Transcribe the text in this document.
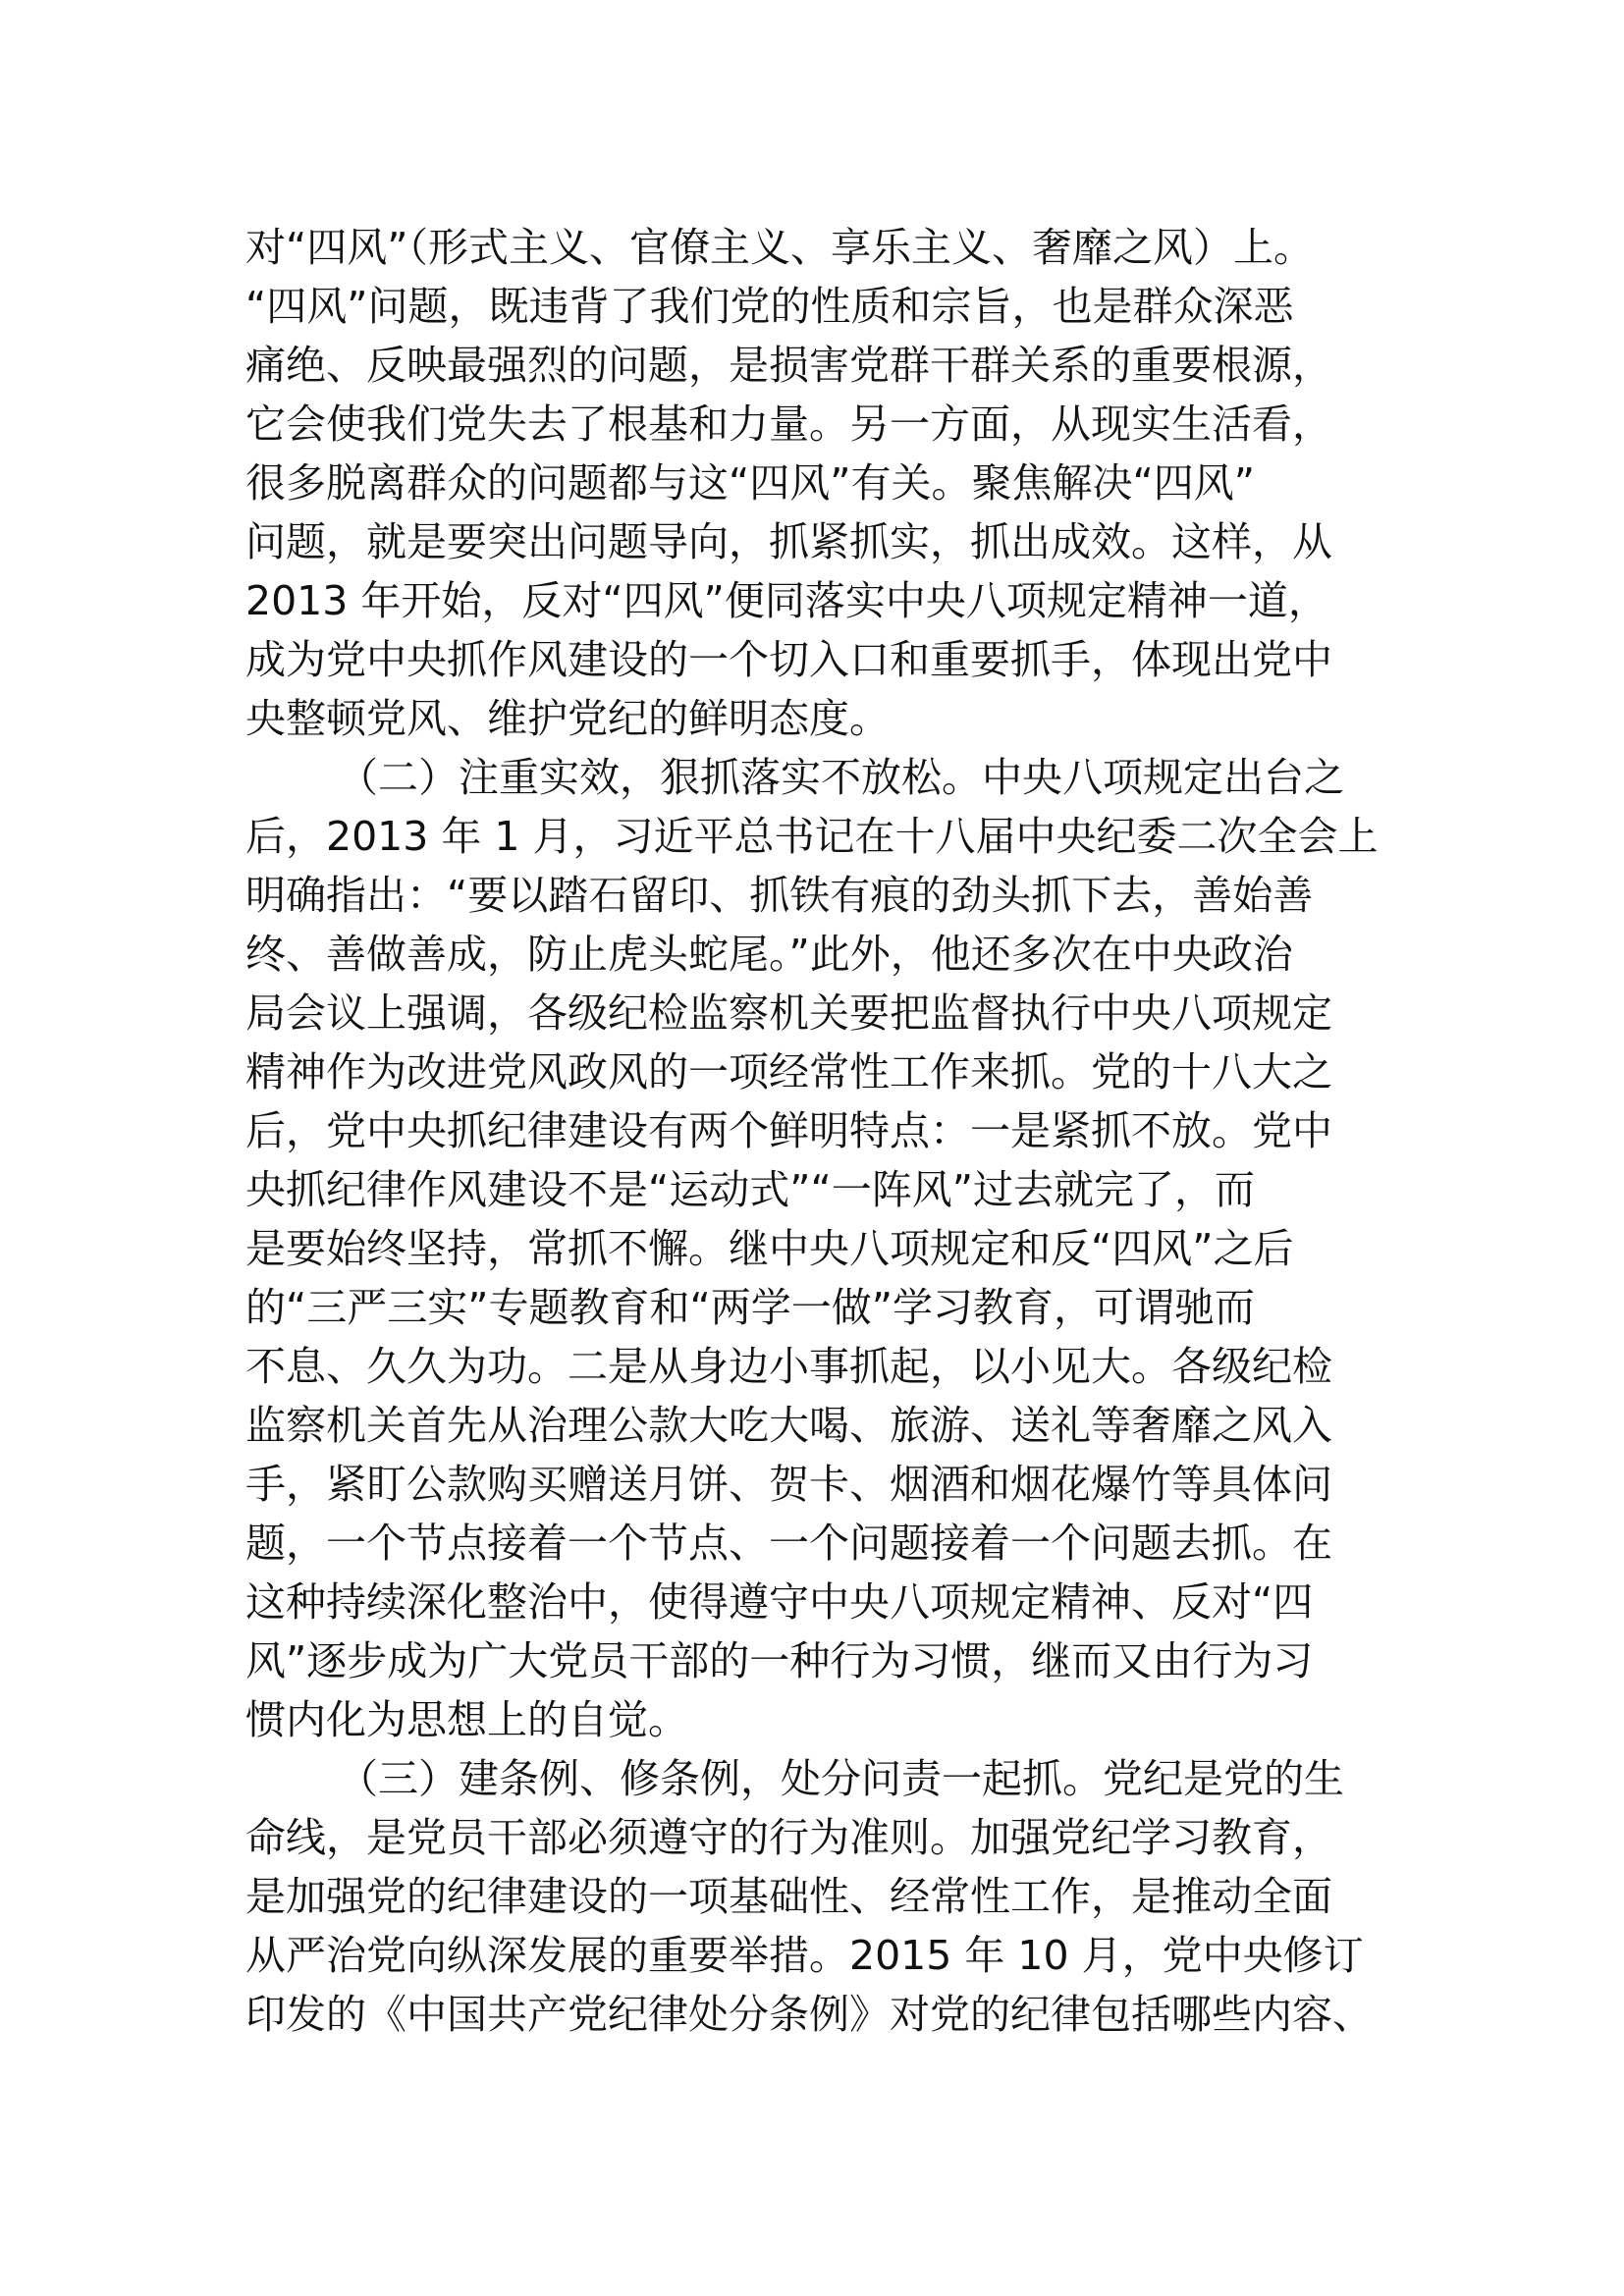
对“四风”（形式主义、官僚主义、享乐主义、奢靡之风）上。
“四风”问题，既违背了我们党的性质和宗旨，也是群众深恶
痛绝、反映最强烈的问题，是损害党群干群关系的重要根源，
它会使我们党失去了根基和力量。另一方面，从现实生活看，
很多脱离群众的问题都与这“四风”有关。聚焦解决“四风”
问题，就是要突出问题导向，抓紧抓实，抓出成效。这样，从
2013 年开始，反对“四风”便同落实中央八项规定精神一道，
成为党中央抓作风建设的一个切入口和重要抓手，体现出党中
央整顿党风、维护党纪的鲜明态度。
（二）注重实效，狠抓落实不放松。中央八项规定出台之
后，2013 年 1 月，习近平总书记在十八届中央纪委二次全会上
明确指出：“要以踏石留印、抓铁有痕的劲头抓下去，善始善
终、善做善成，防止虎头蛇尾。”此外，他还多次在中央政治
局会议上强调，各级纪检监察机关要把监督执行中央八项规定
精神作为改进党风政风的一项经常性工作来抓。党的十八大之
后，党中央抓纪律建设有两个鲜明特点：一是紧抓不放。党中
央抓纪律作风建设不是“运动式”“一阵风”过去就完了，而
是要始终坚持，常抓不懈。继中央八项规定和反“四风”之后
的“三严三实”专题教育和“两学一做”学习教育，可谓驰而
不息、久久为功。二是从身边小事抓起，以小见大。各级纪检
监察机关首先从治理公款大吃大喝、旅游、送礼等奢靡之风入
手，紧盯公款购买赠送月饼、贺卡、烟酒和烟花爆竹等具体问
题，一个节点接着一个节点、一个问题接着一个问题去抓。在
这种持续深化整治中，使得遵守中央八项规定精神、反对“四
风”逐步成为广大党员干部的一种行为习惯，继而又由行为习
惯内化为思想上的自觉。
（三）建条例、修条例，处分问责一起抓。党纪是党的生
命线，是党员干部必须遵守的行为准则。加强党纪学习教育，
是加强党的纪律建设的一项基础性、经常性工作，是推动全面
从严治党向纵深发展的重要举措。2015 年 10 月，党中央修订
印发的《中国共产党纪律处分条例》对党的纪律包括哪些内容、
